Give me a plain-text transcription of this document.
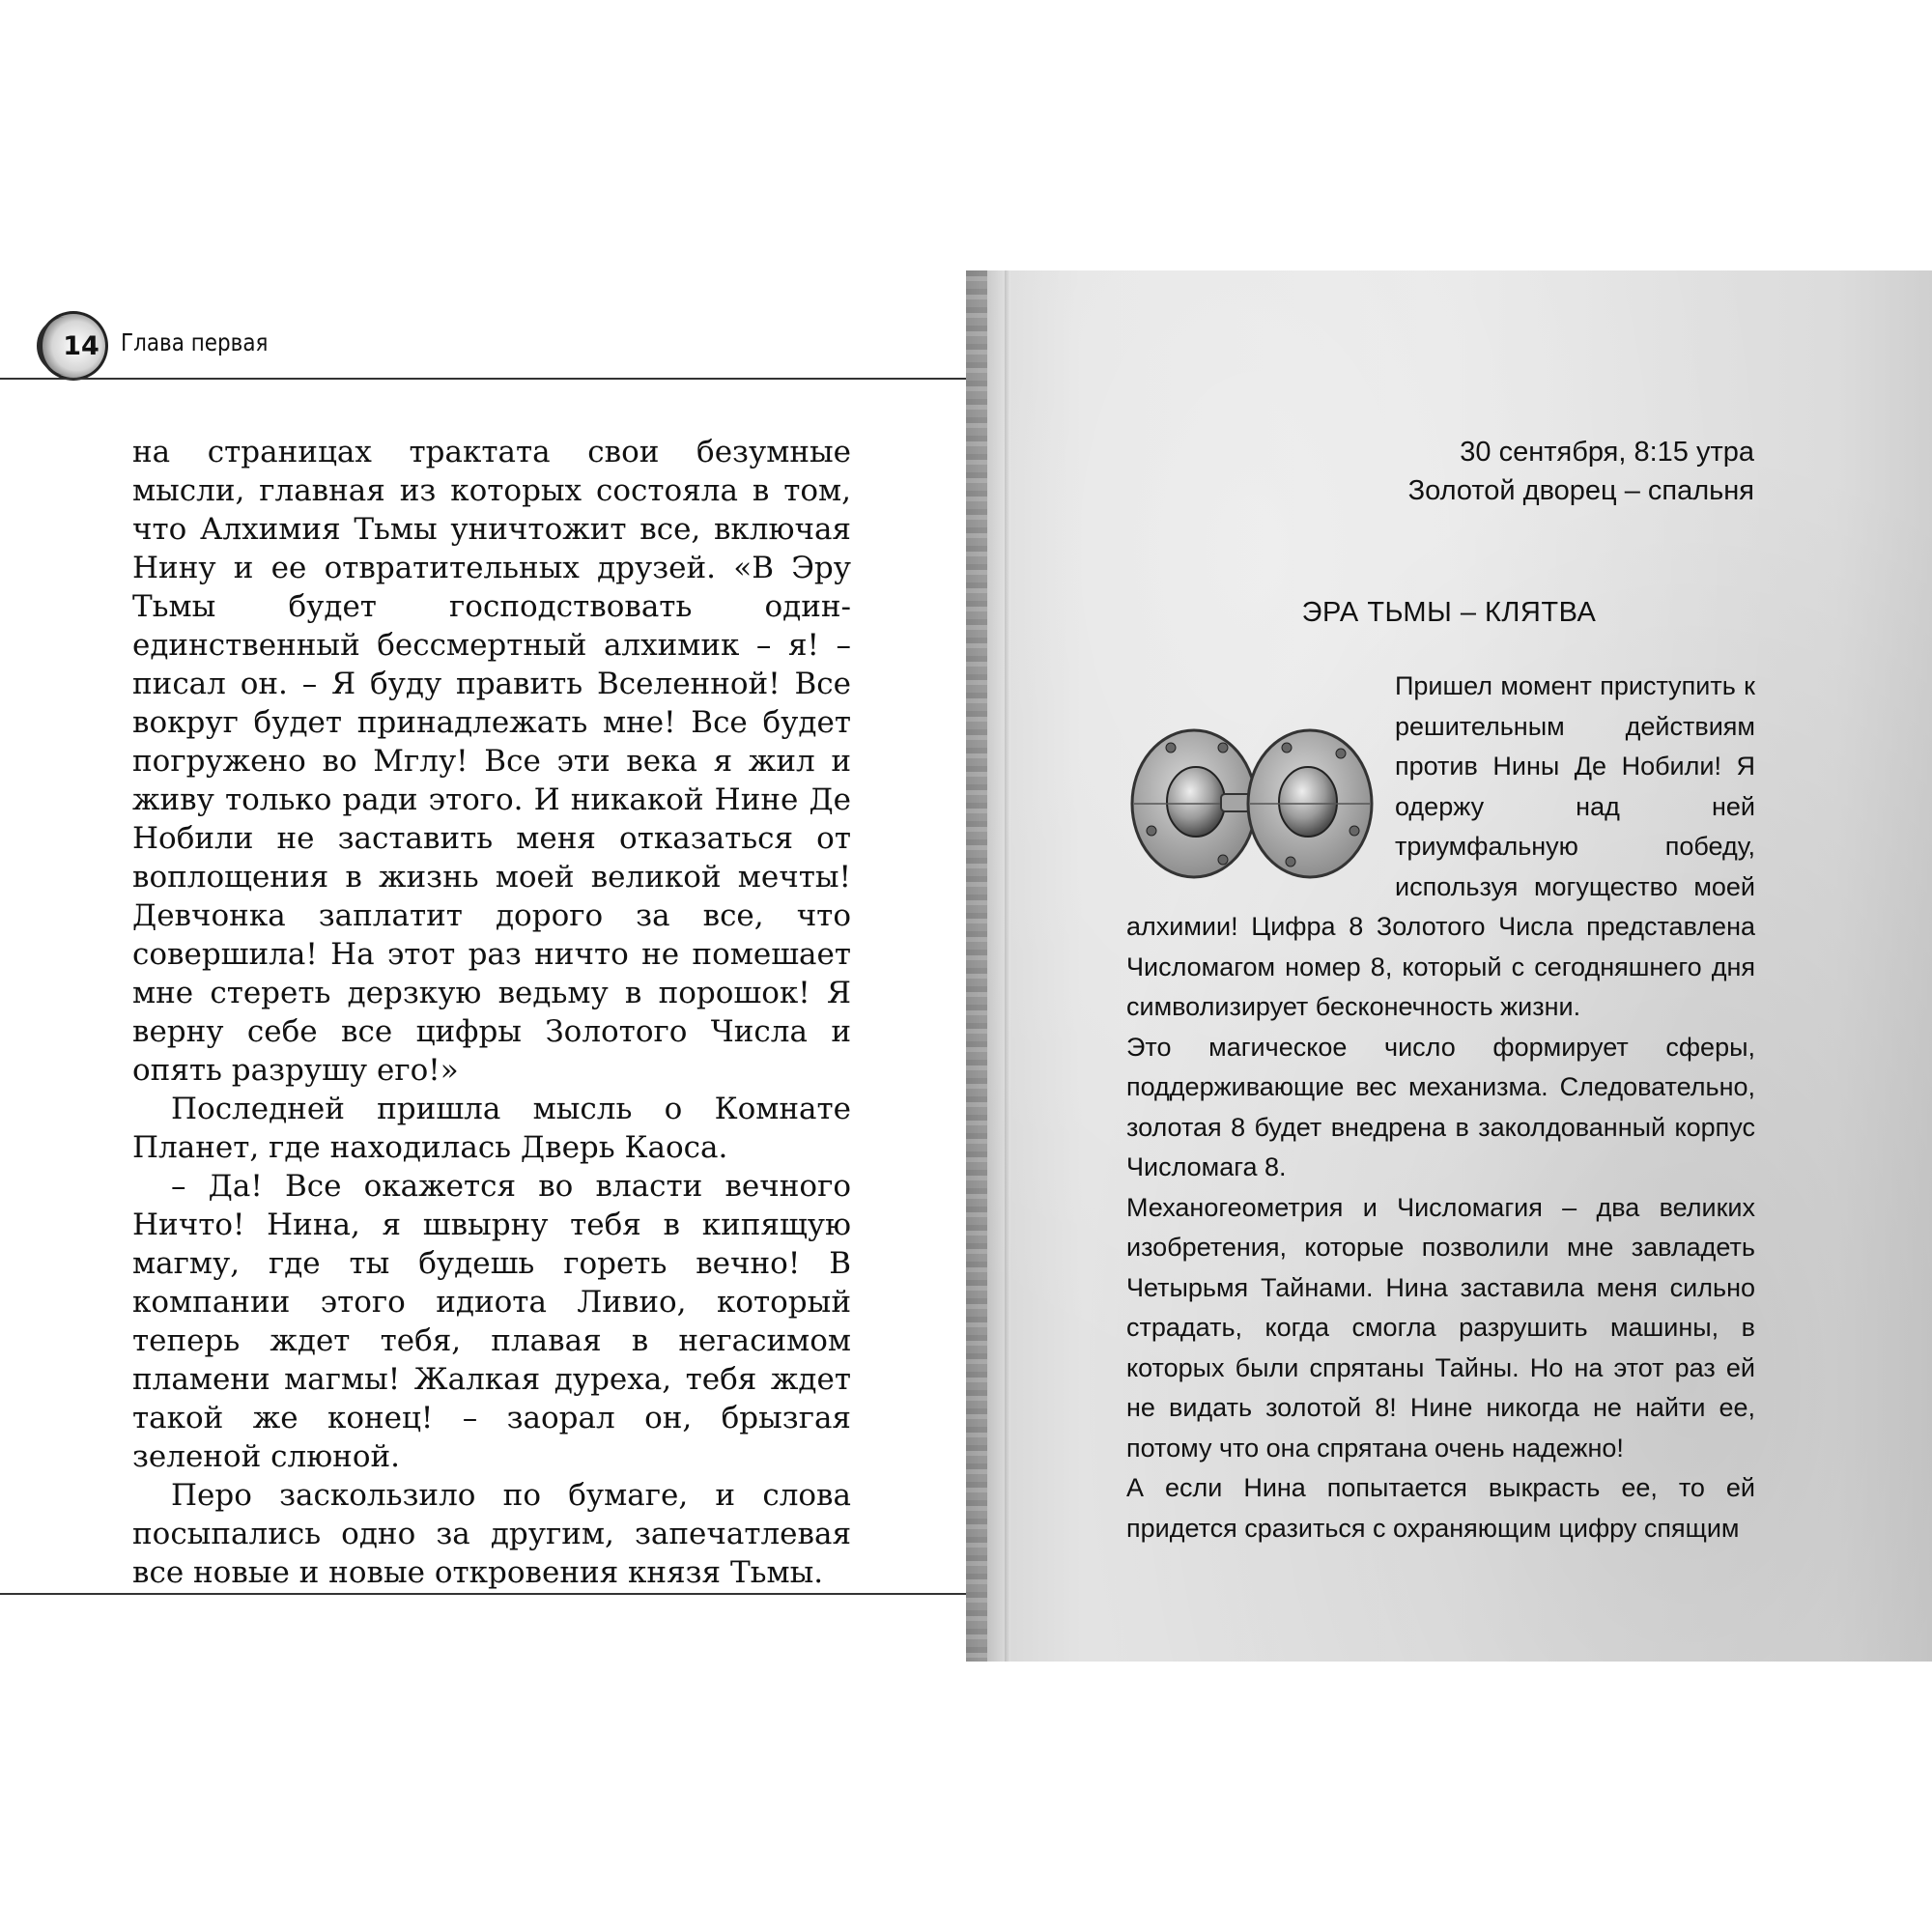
14 Глава первая

на страницах трактата свои безумные мысли, главная из которых состояла в том, что Алхимия Тьмы уничтожит все, включая Нину и ее отвратительных друзей. «В Эру Тьмы будет господствовать один-единственный бессмертный алхимик – я! – писал он. – Я буду править Вселенной! Все вокруг будет принадлежать мне! Все будет погружено во Мглу! Все эти века я жил и живу только ради этого. И никакой Нине Де Нобили не заставить меня отказаться от воплощения в жизнь моей великой мечты! Девчонка заплатит дорого за все, что совершила! На этот раз ничто не помешает мне стереть дерзкую ведьму в порошок! Я верну себе все цифры Золотого Числа и опять разрушу его!»

Последней пришла мысль о Комнате Планет, где находилась Дверь Каоса.

– Да! Все окажется во власти вечного Ничто! Нина, я швырну тебя в кипящую магму, где ты будешь гореть вечно! В компании этого идиота Ливио, который теперь ждет тебя, плавая в негасимом пламени магмы! Жалкая дуреха, тебя ждет такой же конец! – заорал он, брызгая зеленой слюной.

Перо заскользило по бумаге, и слова посыпались одно за другим, запечатлевая все новые и новые откровения князя Тьмы.

30 сентября, 8:15 утра
Золотой дворец – спальня
ЭРА ТЬМЫ – КЛЯТВА

Пришел момент приступить к решительным действиям против Нины Де Нобили! Я одержу над ней триумфальную победу, используя могущество моей алхимии! Цифра 8 Золотого Числа представлена Числомагом номер 8, который с сегодняшнего дня символизирует бесконечность жизни.

Это магическое число формирует сферы, поддерживающие вес механизма. Следовательно, золотая 8 будет внедрена в заколдованный корпус Числомага 8.

Механогеометрия и Числомагия – два великих изобретения, которые позволили мне завладеть Четырьмя Тайнами. Нина заставила меня сильно страдать, когда смогла разрушить машины, в которых были спрятаны Тайны. Но на этот раз ей не видать золотой 8! Нине никогда не найти ее, потому что она спрятана очень надежно!

А если Нина попытается выкрасть ее, то ей придется сразиться с охраняющим цифру спящим
